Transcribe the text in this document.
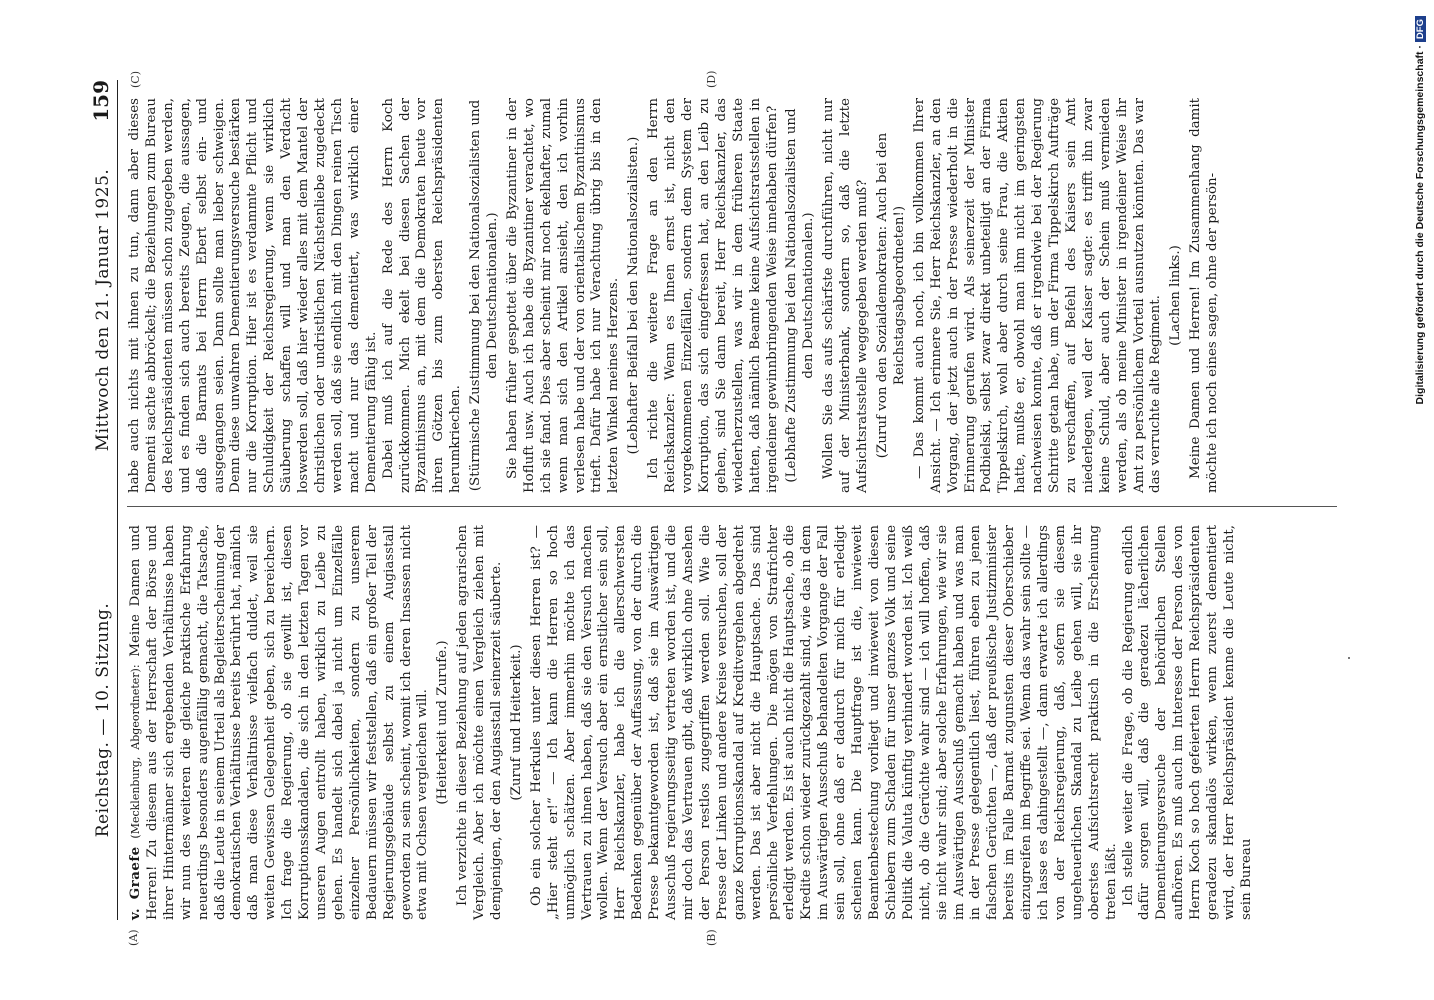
Reichstag. — 10. Sitzung.
Mittwoch den 21. Januar 1925.
159
(A)	(B)
(C)	(D)

v. Graefe (Mecklenburg, Abgeordneter): Meine Damen und Herren! Zu diesem aus der Herrschaft der Börse und ihrer Hintermänner sich ergebenden Verhältnisse haben wir nun des weiteren die gleiche praktische Erfahrung neuerdings besonders augenfällig gemacht, die Tatsache, daß die Leute in seinem Urteil als Begleiterscheinung der demokratischen Verhältnisse bereits berührt hat, nämlich daß man diese Verhältnisse vielfach duldet, weil sie weiten Gewissen Gelegenheit geben, sich zu bereichern. Ich frage die Regierung, ob sie gewillt ist, diesen Korruptionsskandalen, die sich in den letzten Tagen vor unseren Augen entrollt haben, wirklich zu Leibe zu gehen. Es handelt sich dabei ja nicht um Einzelfälle einzelner Persönlichkeiten, sondern zu unserem Bedauern müssen wir feststellen, daß ein großer Teil der Regierungsgebäude selbst zu einem Augiasstall geworden zu sein scheint, womit ich deren Insassen nicht etwa mit Ochsen vergleichen will. (Heiterkeit und Zurufe.) Ich verzichte in dieser Beziehung auf jeden agrarischen Vergleich. Aber ich möchte einen Vergleich ziehen mit demjenigen, der den Augiasstall seinerzeit säuberte. (Zuruf und Heiterkeit.) Ob ein solcher Herkules unter diesen Herren ist? — „Hier steht er!“ — Ich kann die Herren so hoch unmöglich schätzen. Aber immerhin möchte ich das Vertrauen zu ihnen haben, daß sie den Versuch machen wollen. Wenn der Versuch aber ein ernstlicher sein soll, Herr Reichskanzler, habe ich die allerschwersten Bedenken gegenüber der Auffassung, von der durch die Presse bekanntgeworden ist, daß sie im Auswärtigen Ausschuß regierungsseitig vertreten worden ist, und die mir doch das Vertrauen gibt, daß wirklich ohne Ansehen der Person restlos zugegriffen werden soll. Wie die Presse der Linken und andere Kreise versuchen, soll der ganze Korruptionsskandal auf Kreditvergehen abgedreht werden. Das ist aber nicht die Hauptsache. Das sind persönliche Verfehlungen. Die mögen von Strafrichter erledigt werden. Es ist auch nicht die Hauptsache, ob die Kredite schon wieder zurückgezahlt sind, wie das in dem im Auswärtigen Ausschuß behandelten Vorgange der Fall sein soll, ohne daß er dadurch für mich für erledigt scheinen kann. Die Hauptfrage ist die, inwieweit Beamtenbestechung vorliegt und inwieweit von diesen Schiebern zum Schaden für unser ganzes Volk und seine Politik die Valuta künftig verhindert worden ist. Ich weiß nicht, ob die Gerüchte wahr sind — ich will hoffen, daß sie nicht wahr sind; aber solche Erfahrungen, wie wir sie im Auswärtigen Ausschuß gemacht haben und was man in der Presse gelegentlich liest, führen eben zu jenen falschen Gerüchten —, daß der preußische Justizminister bereits im Falle Barmat zugunsten dieser Oberschieber einzugreifen im Begriffe sei. Wenn das wahr sein sollte — ich lasse es dahingestellt —, dann erwarte ich allerdings von der Reichsregierung, daß, sofern sie diesem ungeheuerlichen Skandal zu Leibe gehen will, sie ihr oberstes Aufsichtsrecht praktisch in die Erscheinung treten läßt. Ich stelle weiter die Frage, ob die Regierung endlich dafür sorgen will, daß die geradezu lächerlichen Dementierungsversuche der behördlichen Stellen aufhören. Es muß auch im Interesse der Person des von Herrn Koch so hoch gefeierten Herrn Reichspräsidenten geradezu skandalös wirken, wenn zuerst dementiert wird, der Herr Reichspräsident kenne die Leute nicht, sein Bureau

habe auch nichts mit ihnen zu tun, dann aber dieses Dementi sachte abbröckelt; die Beziehungen zum Bureau des Reichspräsidenten müssen schon zugegeben werden, und es finden sich auch bereits Zeugen, die aussagen, daß die Barmats bei Herrn Ebert selbst ein- und ausgegangen seien. Dann sollte man lieber schweigen. Denn diese unwahren Dementierungsversuche bestärken nur die Korruption. Hier ist es verdammte Pflicht und Schuldigkeit der Reichsregierung, wenn sie wirklich Säuberung schaffen will und man den Verdacht loswerden soll, daß hier wieder alles mit dem Mantel der christlichen oder undristlichen Nächstenliebe zugedeckt werden soll, daß sie endlich mit den Dingen reinen Tisch macht und nur das dementiert, was wirklich einer Dementierung fähig ist. Dabei muß ich auf die Rede des Herrn Koch zurückkommen. Mich ekelt bei diesen Sachen der Byzantinismus an, mit dem die Demokraten heute vor ihren Götzen bis zum obersten Reichspräsidenten herumkriechen. (Stürmische Zustimmung bei den Nationalsozialisten und den Deutschnationalen.) Sie haben früher gespottet über die Byzantiner in der Hofluft usw. Auch ich habe die Byzantiner verachtet, wo ich sie fand. Dies aber scheint mir noch ekelhafter, zumal wenn man sich den Artikel ansieht, den ich vorhin verlesen habe und der von orientalischem Byzantinismus trieft. Dafür habe ich nur Verachtung übrig bis in den letzten Winkel meines Herzens. (Lebhafter Beifall bei den Nationalsozialisten.) Ich richte die weitere Frage an den Herrn Reichskanzler: Wenn es Ihnen ernst ist, nicht den vorgekommenen Einzelfällen, sondern dem System der Korruption, das sich eingefressen hat, an den Leib zu gehen, sind Sie dann bereit, Herr Reichskanzler, das wiederherzustellen, was wir in dem früheren Staate hatten, daß nämlich Beamte keine Aufsichtsratsstellen in irgendeiner gewinnbringenden Weise innehaben dürfen? (Lebhafte Zustimmung bei den Nationalsozialisten und den Deutschnationalen.) Wollen Sie das aufs schärfste durchführen, nicht nur auf der Ministerbank, sondern so, daß die letzte Aufsichtsratsstelle weggegeben werden muß? (Zuruf von den Sozialdemokraten: Auch bei den Reichstagsabgeordneten!) — Das kommt auch noch, ich bin vollkommen Ihrer Ansicht. — Ich erinnere Sie, Herr Reichskanzler, an den Vorgang, der jetzt auch in der Presse wiederholt in die Erinnerung gerufen wird. Als seinerzeit der Minister Podbielski, selbst zwar direkt unbeteiligt an der Firma Tippelskirch, wohl aber durch seine Frau, die Aktien hatte, mußte er, obwohl man ihm nicht im geringsten nachweisen konnte, daß er irgendwie bei der Regierung Schritte getan habe, um der Firma Tippelskirch Aufträge zu verschaffen, auf Befehl des Kaisers sein Amt niederlegen, weil der Kaiser sagte: es trifft ihn zwar keine Schuld, aber auch der Schein muß vermieden werden, als ob meine Minister in irgendeiner Weise ihr Amt zu persönlichem Vorteil ausnutzen könnten. Das war das verruchte alte Regiment. (Lachen links.) Meine Damen und Herren! Im Zusammenhang damit möchte ich noch eines sagen, ohne der persön-	Digitalisierung gefördert durch die Deutsche Forschungsgemeinschaft ·DFG
